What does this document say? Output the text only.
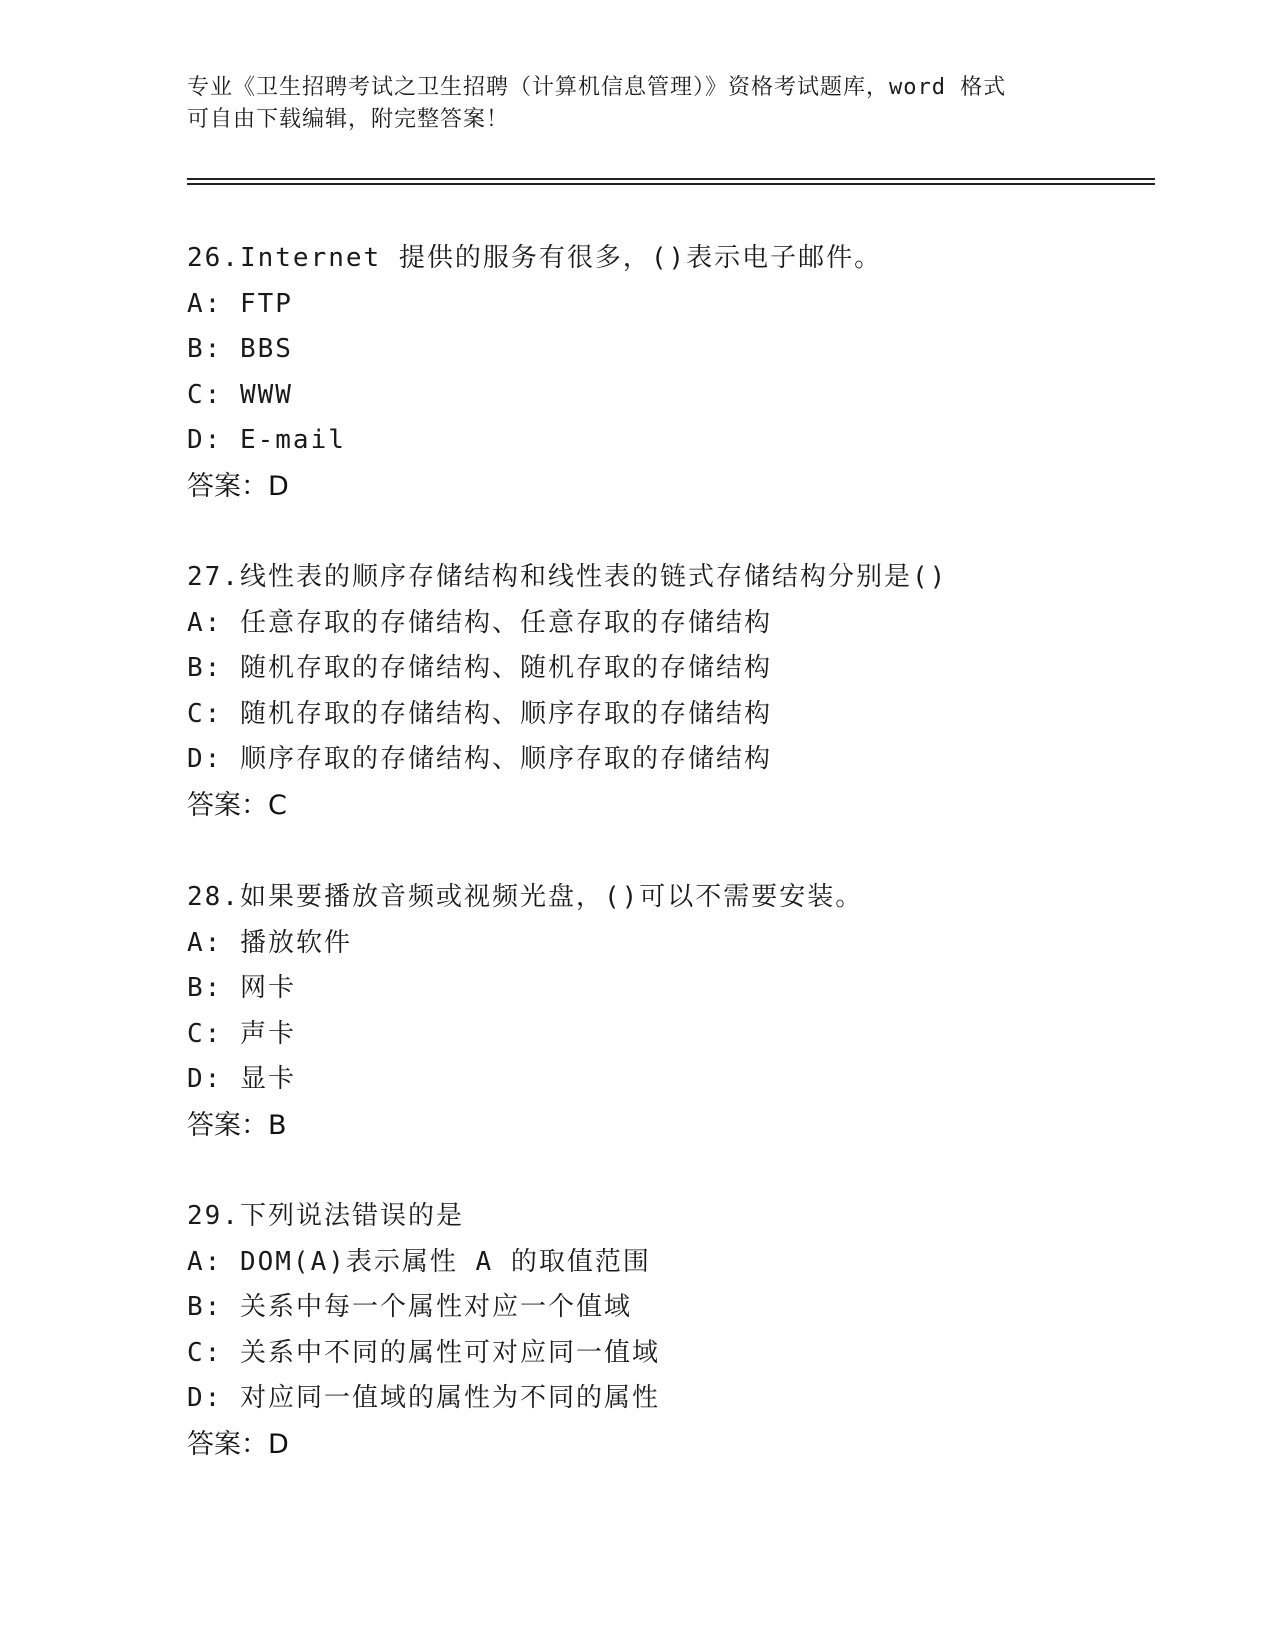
专业《卫生招聘考试之卫生招聘（计算机信息管理）》资格考试题库，word 格式
可自由下载编辑，附完整答案！
26.Internet 提供的服务有很多，()表示电子邮件。
A: FTP
B: BBS
C: WWW
D: E-mail
答案：D
27.线性表的顺序存储结构和线性表的链式存储结构分别是()
A: 任意存取的存储结构、任意存取的存储结构
B: 随机存取的存储结构、随机存取的存储结构
C: 随机存取的存储结构、顺序存取的存储结构
D: 顺序存取的存储结构、顺序存取的存储结构
答案：C
28.如果要播放音频或视频光盘，()可以不需要安装。
A: 播放软件
B: 网卡
C: 声卡
D: 显卡
答案：B
29.下列说法错误的是
A: DOM(A)表示属性 A 的取值范围
B: 关系中每一个属性对应一个值域
C: 关系中不同的属性可对应同一值域
D: 对应同一值域的属性为不同的属性
答案：D
